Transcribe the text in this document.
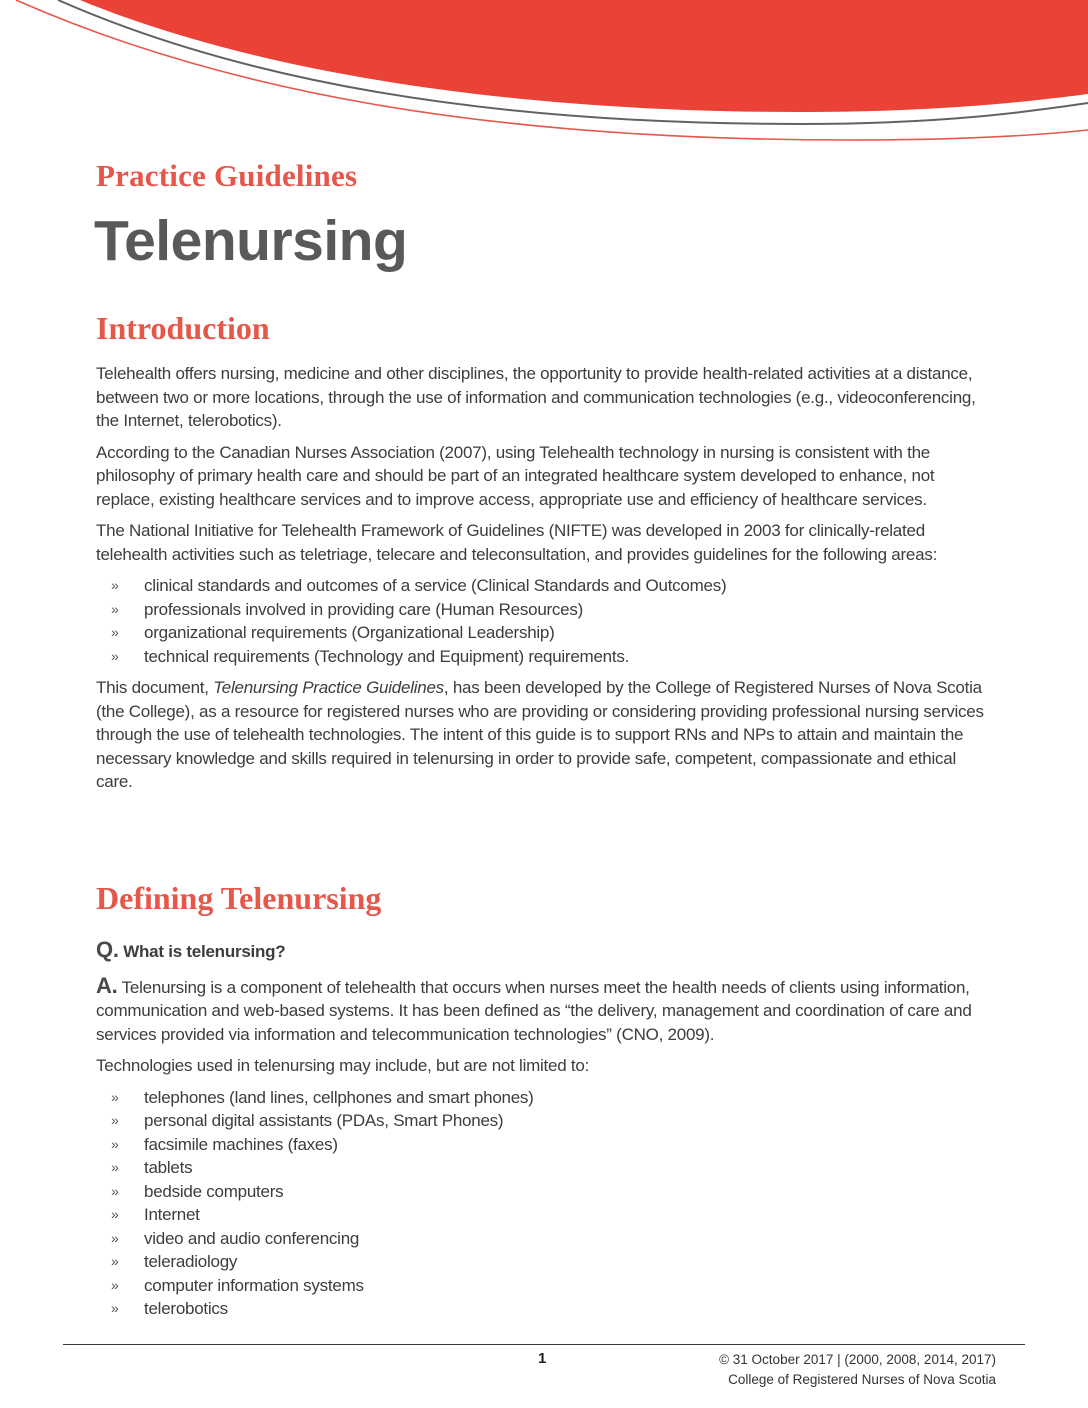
Practice Guidelines
Telenursing
Introduction

Telehealth offers nursing, medicine and other disciplines, the opportunity to provide health-related activities at a distance, between two or more locations, through the use of information and communication technologies (e.g., videoconferencing, the Internet, telerobotics).

According to the Canadian Nurses Association (2007), using Telehealth technology in nursing is consistent with the philosophy of primary health care and should be part of an integrated healthcare system developed to enhance, not replace, existing healthcare services and to improve access, appropriate use and efficiency of healthcare services.

The National Initiative for Telehealth Framework of Guidelines (NIFTE) was developed in 2003 for clinically-related telehealth activities such as teletriage, telecare and teleconsultation, and provides guidelines for the following areas:

» clinical standards and outcomes of a service (Clinical Standards and Outcomes)
» professionals involved in providing care (Human Resources)
» organizational requirements (Organizational Leadership)
» technical requirements (Technology and Equipment) requirements.

This document, Telenursing Practice Guidelines, has been developed by the College of Registered Nurses of Nova Scotia (the College), as a resource for registered nurses who are providing or considering providing professional nursing services through the use of telehealth technologies. The intent of this guide is to support RNs and NPs to attain and maintain the necessary knowledge and skills required in telenursing in order to provide safe, competent, compassionate and ethical care.

Defining Telenursing

Q. What is telenursing?

A. Telenursing is a component of telehealth that occurs when nurses meet the health needs of clients using information, communication and web-based systems. It has been defined as “the delivery, management and coordination of care and services provided via information and telecommunication technologies” (CNO, 2009).

Technologies used in telenursing may include, but are not limited to:

» telephones (land lines, cellphones and smart phones)
» personal digital assistants (PDAs, Smart Phones)
» facsimile machines (faxes)
» tablets
» bedside computers
» Internet
» video and audio conferencing
» teleradiology
» computer information systems
» telerobotics
1	© 31 October 2017 | (2000, 2008, 2014, 2017)
College of Registered Nurses of Nova Scotia
